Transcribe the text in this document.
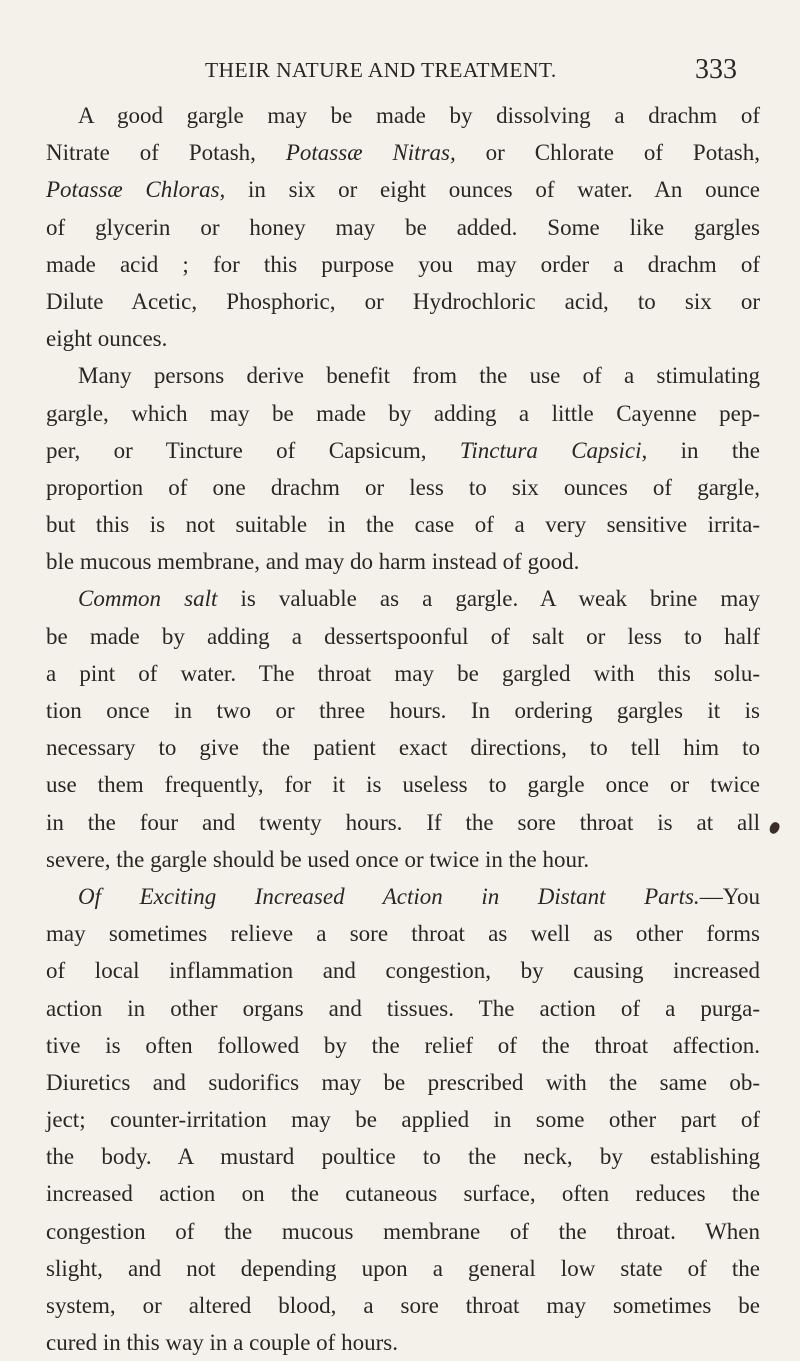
THEIR NATURE AND TREATMENT.	333
A good gargle may be made by dissolving a drachm of
Nitrate of Potash, Potassæ Nitras, or Chlorate of Potash,
Potassæ Chloras, in six or eight ounces of water. An ounce
of glycerin or honey may be added. Some like gargles
made acid ; for this purpose you may order a drachm of
Dilute Acetic, Phosphoric, or Hydrochloric acid, to six or
eight ounces.
Many persons derive benefit from the use of a stimulating
gargle, which may be made by adding a little Cayenne pep-
per, or Tincture of Capsicum, Tinctura Capsici, in the
proportion of one drachm or less to six ounces of gargle,
but this is not suitable in the case of a very sensitive irrita-
ble mucous membrane, and may do harm instead of good.
Common salt is valuable as a gargle. A weak brine may
be made by adding a dessertspoonful of salt or less to half
a pint of water. The throat may be gargled with this solu-
tion once in two or three hours. In ordering gargles it is
necessary to give the patient exact directions, to tell him to
use them frequently, for it is useless to gargle once or twice
in the four and twenty hours. If the sore throat is at all
severe, the gargle should be used once or twice in the hour.
Of Exciting Increased Action in Distant Parts.—You
may sometimes relieve a sore throat as well as other forms
of local inflammation and congestion, by causing increased
action in other organs and tissues. The action of a purga-
tive is often followed by the relief of the throat affection.
Diuretics and sudorifics may be prescribed with the same ob-
ject; counter-irritation may be applied in some other part of
the body. A mustard poultice to the neck, by establishing
increased action on the cutaneous surface, often reduces the
congestion of the mucous membrane of the throat. When
slight, and not depending upon a general low state of the
system, or altered blood, a sore throat may sometimes be
cured in this way in a couple of hours.
